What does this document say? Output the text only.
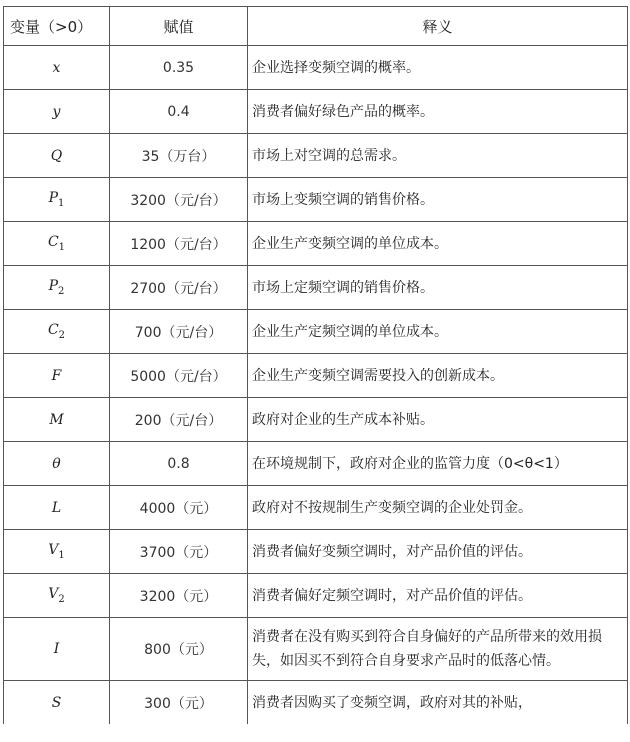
变量（>0）	赋值	释义
x	0.35	企业选择变频空调的概率。
y	0.4	消费者偏好绿色产品的概率。
Q	35（万台）	市场上对空调的总需求。
$P_1$	3200（元/台）	市场上变频空调的销售价格。
$C_1$	1200（元/台）	企业生产变频空调的单位成本。
$P_2$	2700（元/台）	市场上定频空调的销售价格。
$C_2$	700（元/台）	企业生产定频空调的单位成本。
F	5000（元/台）	企业生产变频空调需要投入的创新成本。
M	200（元/台）	政府对企业的生产成本补贴。
θ	0.8	在环境规制下，政府对企业的监管力度（0<θ<1）
L	4000（元）	政府对不按规制生产变频空调的企业处罚金。
$V_1$	3700（元）	消费者偏好变频空调时，对产品价值的评估。
$V_2$	3200（元）	消费者偏好定频空调时，对产品价值的评估。
I	800（元）	消费者在没有购买到符合自身偏好的产品所带来的效用损失，如因买不到符合自身要求产品时的低落心情。
S	300（元）	消费者因购买了变频空调，政府对其的补贴，
